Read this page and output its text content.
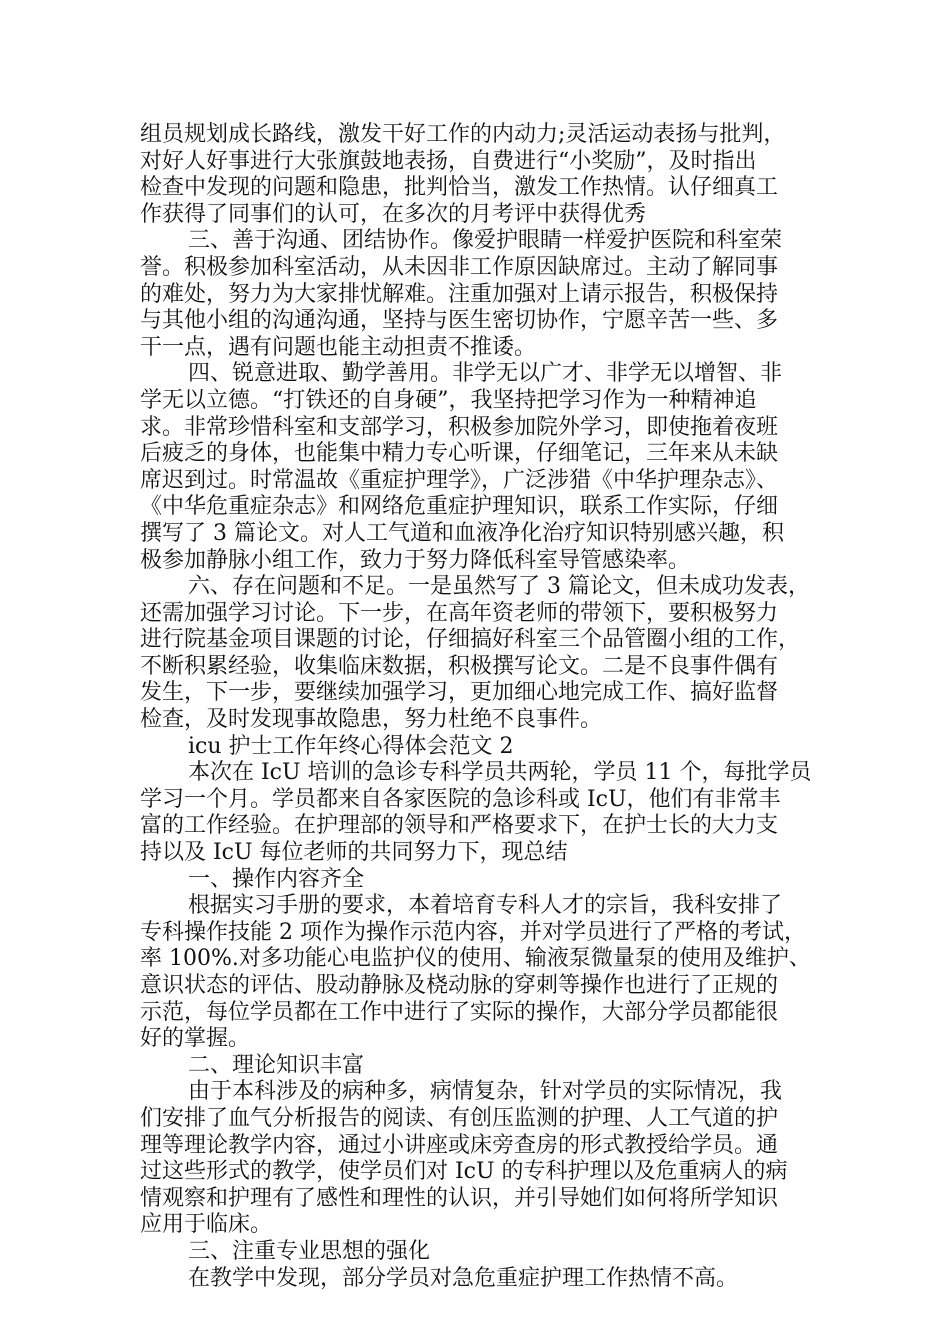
组员规划成长路线，激发干好工作的内动力;灵活运动表扬与批判，
对好人好事进行大张旗鼓地表扬，自费进行“小奖励”，及时指出
检查中发现的问题和隐患，批判恰当，激发工作热情。认仔细真工
作获得了同事们的认可，在多次的月考评中获得优秀
三、善于沟通、团结协作。像爱护眼睛一样爱护医院和科室荣
誉。积极参加科室活动，从未因非工作原因缺席过。主动了解同事
的难处，努力为大家排忧解难。注重加强对上请示报告，积极保持
与其他小组的沟通沟通，坚持与医生密切协作，宁愿辛苦一些、多
干一点，遇有问题也能主动担责不推诿。
四、锐意进取、勤学善用。非学无以广才、非学无以增智、非
学无以立德。“打铁还的自身硬”，我坚持把学习作为一种精神追
求。非常珍惜科室和支部学习，积极参加院外学习，即使拖着夜班
后疲乏的身体，也能集中精力专心听课，仔细笔记，三年来从未缺
席迟到过。时常温故《重症护理学》，广泛涉猎《中华护理杂志》、
《中华危重症杂志》和网络危重症护理知识，联系工作实际，仔细
撰写了 3 篇论文。对人工气道和血液净化治疗知识特别感兴趣，积
极参加静脉小组工作，致力于努力降低科室导管感染率。
六、存在问题和不足。一是虽然写了 3 篇论文，但未成功发表，
还需加强学习讨论。下一步，在高年资老师的带领下，要积极努力
进行院基金项目课题的讨论，仔细搞好科室三个品管圈小组的工作，
不断积累经验，收集临床数据，积极撰写论文。二是不良事件偶有
发生，下一步，要继续加强学习，更加细心地完成工作、搞好监督
检查，及时发现事故隐患，努力杜绝不良事件。
icu 护士工作年终心得体会范文 2
本次在 IcU 培训的急诊专科学员共两轮，学员 11 个，每批学员
学习一个月。学员都来自各家医院的急诊科或 IcU，他们有非常丰
富的工作经验。在护理部的领导和严格要求下，在护士长的大力支
持以及 IcU 每位老师的共同努力下，现总结
一、操作内容齐全
根据实习手册的要求，本着培育专科人才的宗旨，我科安排了
专科操作技能 2 项作为操作示范内容，并对学员进行了严格的考试，
率 100%.对多功能心电监护仪的使用、输液泵微量泵的使用及维护、
意识状态的评估、股动静脉及桡动脉的穿刺等操作也进行了正规的
示范，每位学员都在工作中进行了实际的操作，大部分学员都能很
好的掌握。
二、理论知识丰富
由于本科涉及的病种多，病情复杂，针对学员的实际情况，我
们安排了血气分析报告的阅读、有创压监测的护理、人工气道的护
理等理论教学内容，通过小讲座或床旁查房的形式教授给学员。通
过这些形式的教学，使学员们对 IcU 的专科护理以及危重病人的病
情观察和护理有了感性和理性的认识，并引导她们如何将所学知识
应用于临床。
三、注重专业思想的强化
在教学中发现，部分学员对急危重症护理工作热情不高。
